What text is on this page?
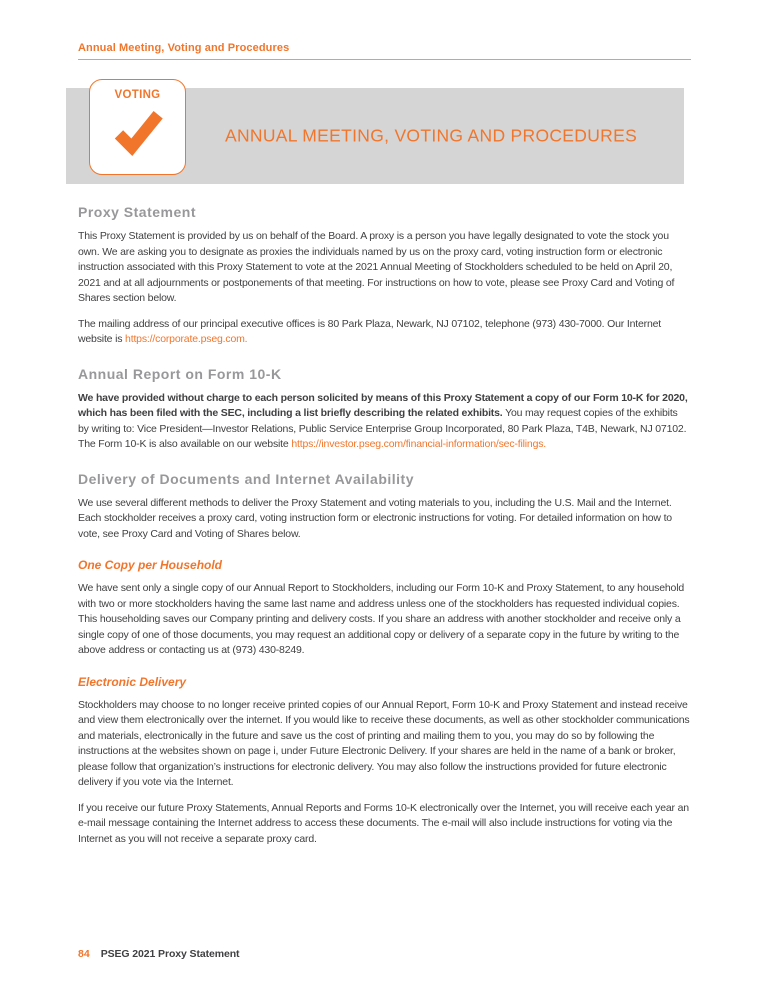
Annual Meeting, Voting and Procedures
VOTING
ANNUAL MEETING, VOTING AND PROCEDURES
Proxy Statement

This Proxy Statement is provided by us on behalf of the Board. A proxy is a person you have legally designated to vote the stock you own. We are asking you to designate as proxies the individuals named by us on the proxy card, voting instruction form or electronic instruction associated with this Proxy Statement to vote at the 2021 Annual Meeting of Stockholders scheduled to be held on April 20, 2021 and at all adjournments or postponements of that meeting. For instructions on how to vote, please see Proxy Card and Voting of Shares section below.

The mailing address of our principal executive offices is 80 Park Plaza, Newark, NJ 07102, telephone (973) 430-7000. Our Internet website is https://corporate.pseg.com.

Annual Report on Form 10-K

We have provided without charge to each person solicited by means of this Proxy Statement a copy of our Form 10-K for 2020, which has been filed with the SEC, including a list briefly describing the related exhibits. You may request copies of the exhibits by writing to: Vice President—Investor Relations, Public Service Enterprise Group Incorporated, 80 Park Plaza, T4B, Newark, NJ 07102. The Form 10-K is also available on our website https://investor.pseg.com/financial-information/sec-filings.

Delivery of Documents and Internet Availability

We use several different methods to deliver the Proxy Statement and voting materials to you, including the U.S. Mail and the Internet. Each stockholder receives a proxy card, voting instruction form or electronic instructions for voting. For detailed information on how to vote, see Proxy Card and Voting of Shares below.

One Copy per Household

We have sent only a single copy of our Annual Report to Stockholders, including our Form 10-K and Proxy Statement, to any household with two or more stockholders having the same last name and address unless one of the stockholders has requested individual copies. This householding saves our Company printing and delivery costs. If you share an address with another stockholder and receive only a single copy of one of those documents, you may request an additional copy or delivery of a separate copy in the future by writing to the above address or contacting us at (973) 430-8249.

Electronic Delivery

Stockholders may choose to no longer receive printed copies of our Annual Report, Form 10-K and Proxy Statement and instead receive and view them electronically over the internet. If you would like to receive these documents, as well as other stockholder communications and materials, electronically in the future and save us the cost of printing and mailing them to you, you may do so by following the instructions at the websites shown on page i, under Future Electronic Delivery. If your shares are held in the name of a bank or broker, please follow that organization’s instructions for electronic delivery. You may also follow the instructions provided for future electronic delivery if you vote via the Internet.

If you receive our future Proxy Statements, Annual Reports and Forms 10-K electronically over the Internet, you will receive each year an e-mail message containing the Internet address to access these documents. The e-mail will also include instructions for voting via the Internet as you will not receive a separate proxy card.

84 PSEG 2021 Proxy Statement
